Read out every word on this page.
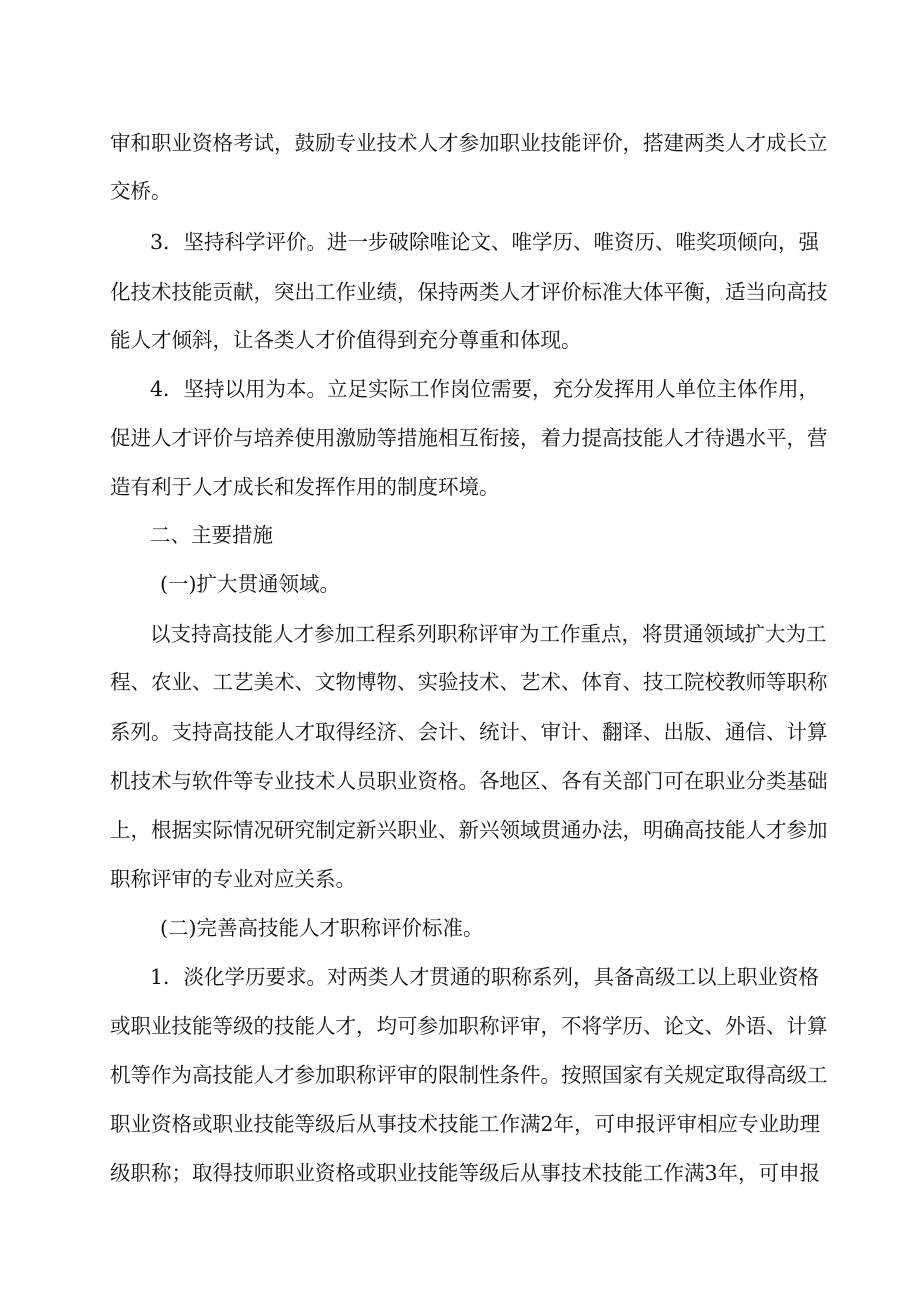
审和职业资格考试，鼓励专业技术人才参加职业技能评价，搭建两类人才成长立
交桥。
3．坚持科学评价。进一步破除唯论文、唯学历、唯资历、唯奖项倾向，强
化技术技能贡献，突出工作业绩，保持两类人才评价标准大体平衡，适当向高技
能人才倾斜，让各类人才价值得到充分尊重和体现。
4．坚持以用为本。立足实际工作岗位需要，充分发挥用人单位主体作用，
促进人才评价与培养使用激励等措施相互衔接，着力提高技能人才待遇水平，营
造有利于人才成长和发挥作用的制度环境。
二、主要措施
(一)扩大贯通领域。
以支持高技能人才参加工程系列职称评审为工作重点，将贯通领域扩大为工
程、农业、工艺美术、文物博物、实验技术、艺术、体育、技工院校教师等职称
系列。支持高技能人才取得经济、会计、统计、审计、翻译、出版、通信、计算
机技术与软件等专业技术人员职业资格。各地区、各有关部门可在职业分类基础
上，根据实际情况研究制定新兴职业、新兴领域贯通办法，明确高技能人才参加
职称评审的专业对应关系。
(二)完善高技能人才职称评价标准。
1．淡化学历要求。对两类人才贯通的职称系列，具备高级工以上职业资格
或职业技能等级的技能人才，均可参加职称评审，不将学历、论文、外语、计算
机等作为高技能人才参加职称评审的限制性条件。按照国家有关规定取得高级工
职业资格或职业技能等级后从事技术技能工作满2年，可申报评审相应专业助理
级职称；取得技师职业资格或职业技能等级后从事技术技能工作满3年，可申报
